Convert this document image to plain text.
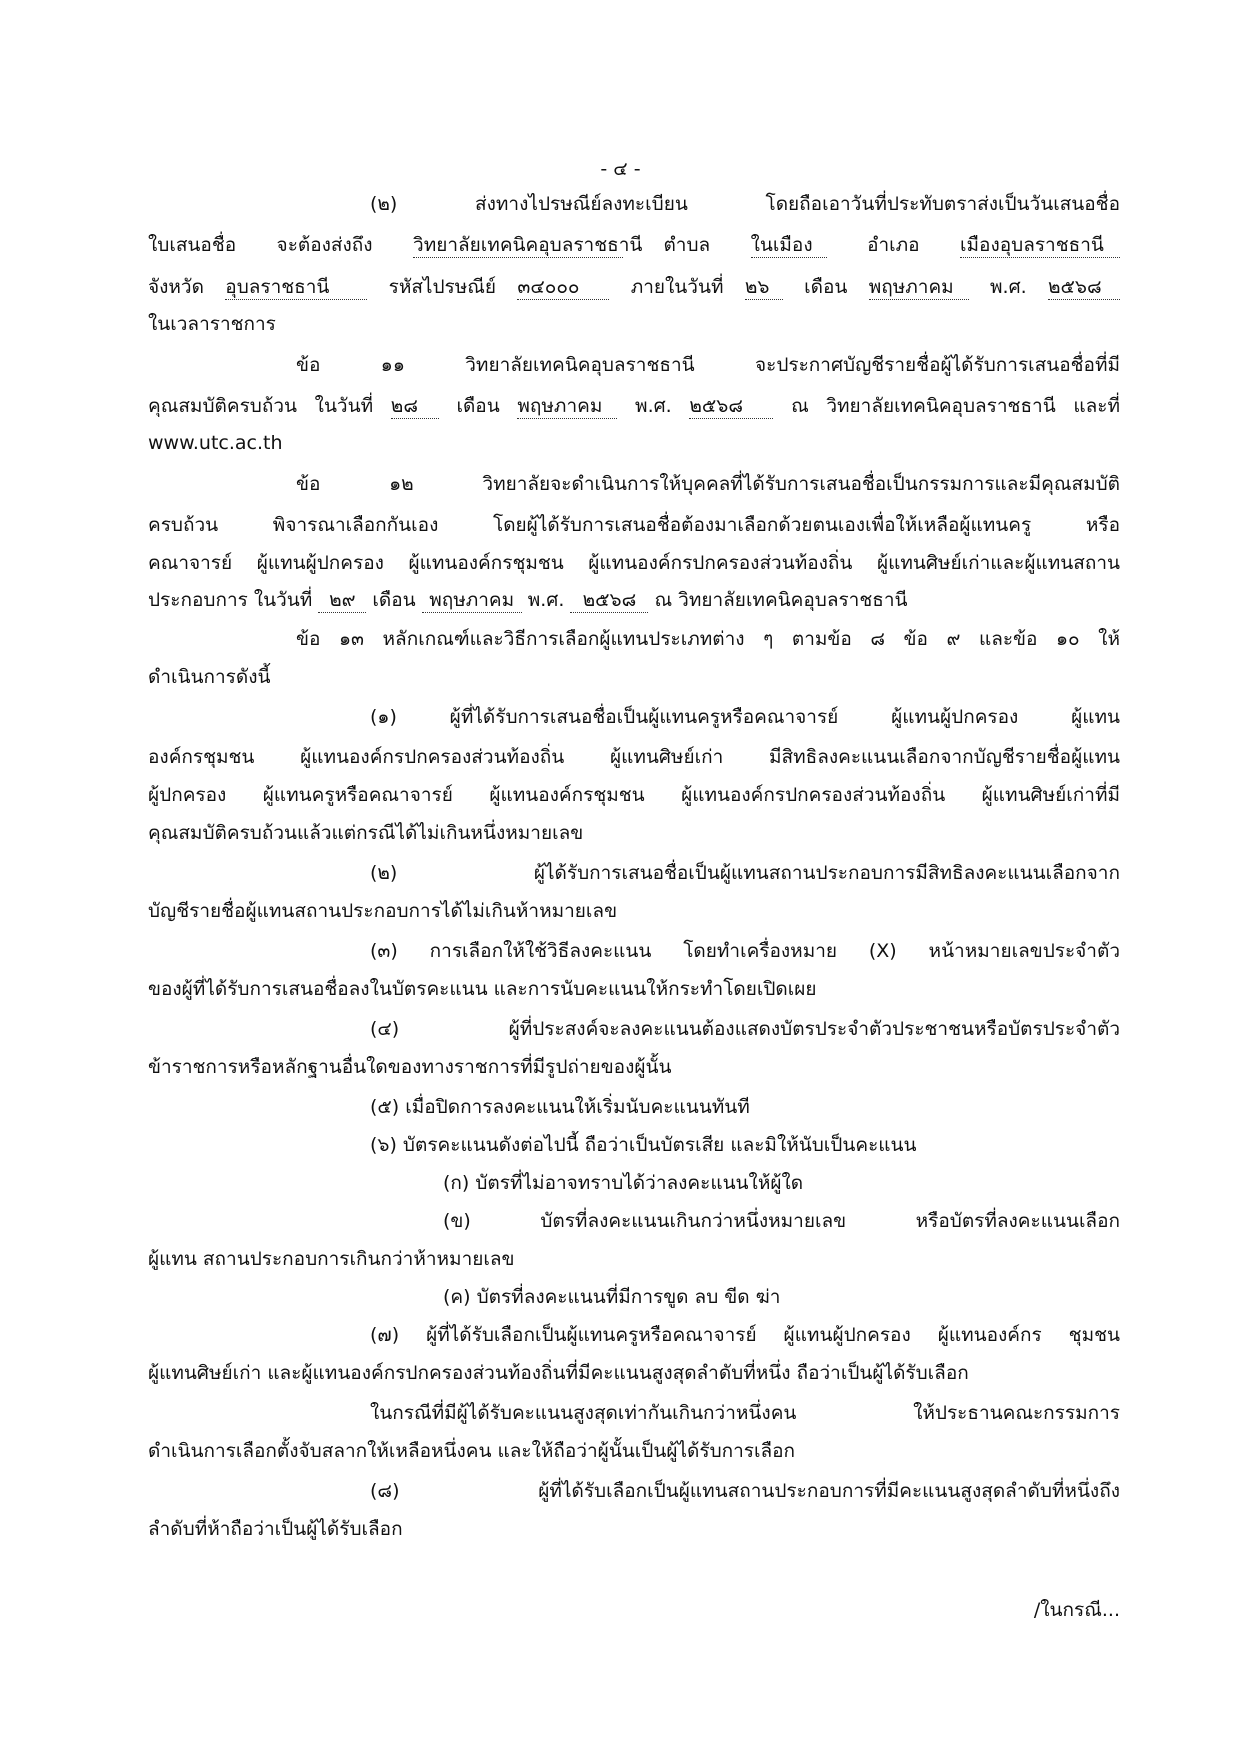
- ๔ -
(๒) ส่งทางไปรษณีย์ลงทะเบียน โดยถือเอาวันที่ประทับตราส่งเป็นวันเสนอชื่อ
ใบเสนอชื่อ จะต้องส่งถึง วิทยาลัยเทคนิคอุบลราชธานี ตำบล ในเมือง	อำเภอ เมืองอุบลราชธานี
จังหวัด อุบลราชธานี	รหัสไปรษณีย์ ๓๔๐๐๐	ภายในวันที่ ๒๖ เดือน พฤษภาคม พ.ศ. ๒๕๖๘
ในเวลาราชการ
ข้อ ๑๑ วิทยาลัยเทคนิคอุบลราชธานี จะประกาศบัญชีรายชื่อผู้ได้รับการเสนอชื่อที่มี
คุณสมบัติครบถ้วน ในวันที่ ๒๘ เดือน พฤษภาคม พ.ศ. ๒๕๖๘	ณ วิทยาลัยเทคนิคอุบลราชธานี และที่
www.utc.ac.th
ข้อ ๑๒ วิทยาลัยจะดำเนินการให้บุคคลที่ได้รับการเสนอชื่อเป็นกรรมการและมีคุณสมบัติ
ครบถ้วน พิจารณาเลือกกันเอง โดยผู้ได้รับการเสนอชื่อต้องมาเลือกด้วยตนเองเพื่อให้เหลือผู้แทนครู หรือ
คณาจารย์ ผู้แทนผู้ปกครอง ผู้แทนองค์กรชุมชน ผู้แทนองค์กรปกครองส่วนท้องถิ่น ผู้แทนศิษย์เก่าและผู้แทนสถาน
ประกอบการ ในวันที่ ๒๙ เดือน พฤษภาคม พ.ศ. ๒๕๖๘ ณ วิทยาลัยเทคนิคอุบลราชธานี
ข้อ ๑๓ หลักเกณฑ์และวิธีการเลือกผู้แทนประเภทต่าง ๆ ตามข้อ ๘ ข้อ ๙ และข้อ ๑๐ ให้
ดำเนินการดังนี้
(๑) ผู้ที่ได้รับการเสนอชื่อเป็นผู้แทนครูหรือคณาจารย์ ผู้แทนผู้ปกครอง ผู้แทน
องค์กรชุมชน ผู้แทนองค์กรปกครองส่วนท้องถิ่น ผู้แทนศิษย์เก่า มีสิทธิลงคะแนนเลือกจากบัญชีรายชื่อผู้แทน
ผู้ปกครอง ผู้แทนครูหรือคณาจารย์ ผู้แทนองค์กรชุมชน ผู้แทนองค์กรปกครองส่วนท้องถิ่น ผู้แทนศิษย์เก่าที่มี
คุณสมบัติครบถ้วนแล้วแต่กรณีได้ไม่เกินหนึ่งหมายเลข
(๒) ผู้ได้รับการเสนอชื่อเป็นผู้แทนสถานประกอบการมีสิทธิลงคะแนนเลือกจาก
บัญชีรายชื่อผู้แทนสถานประกอบการได้ไม่เกินห้าหมายเลข
(๓) การเลือกให้ใช้วิธีลงคะแนน โดยทำเครื่องหมาย (X) หน้าหมายเลขประจำตัว
ของผู้ที่ได้รับการเสนอชื่อลงในบัตรคะแนน และการนับคะแนนให้กระทำโดยเปิดเผย
(๔) ผู้ที่ประสงค์จะลงคะแนนต้องแสดงบัตรประจำตัวประชาชนหรือบัตรประจำตัว
ข้าราชการหรือหลักฐานอื่นใดของทางราชการที่มีรูปถ่ายของผู้นั้น
(๕) เมื่อปิดการลงคะแนนให้เริ่มนับคะแนนทันที
(๖) บัตรคะแนนดังต่อไปนี้ ถือว่าเป็นบัตรเสีย และมิให้นับเป็นคะแนน
(ก) บัตรที่ไม่อาจทราบได้ว่าลงคะแนนให้ผู้ใด
(ข) บัตรที่ลงคะแนนเกินกว่าหนึ่งหมายเลข หรือบัตรที่ลงคะแนนเลือก
ผู้แทน สถานประกอบการเกินกว่าห้าหมายเลข
(ค) บัตรที่ลงคะแนนที่มีการขูด ลบ ขีด ฆ่า
(๗) ผู้ที่ได้รับเลือกเป็นผู้แทนครูหรือคณาจารย์ ผู้แทนผู้ปกครอง ผู้แทนองค์กร ชุมชน
ผู้แทนศิษย์เก่า และผู้แทนองค์กรปกครองส่วนท้องถิ่นที่มีคะแนนสูงสุดลำดับที่หนึ่ง ถือว่าเป็นผู้ได้รับเลือก
ในกรณีที่มีผู้ได้รับคะแนนสูงสุดเท่ากันเกินกว่าหนึ่งคน ให้ประธานคณะกรรมการ
ดำเนินการเลือกตั้งจับสลากให้เหลือหนึ่งคน และให้ถือว่าผู้นั้นเป็นผู้ได้รับการเลือก
(๘) ผู้ที่ได้รับเลือกเป็นผู้แทนสถานประกอบการที่มีคะแนนสูงสุดลำดับที่หนึ่งถึง
ลำดับที่ห้าถือว่าเป็นผู้ได้รับเลือก
/ในกรณี...
